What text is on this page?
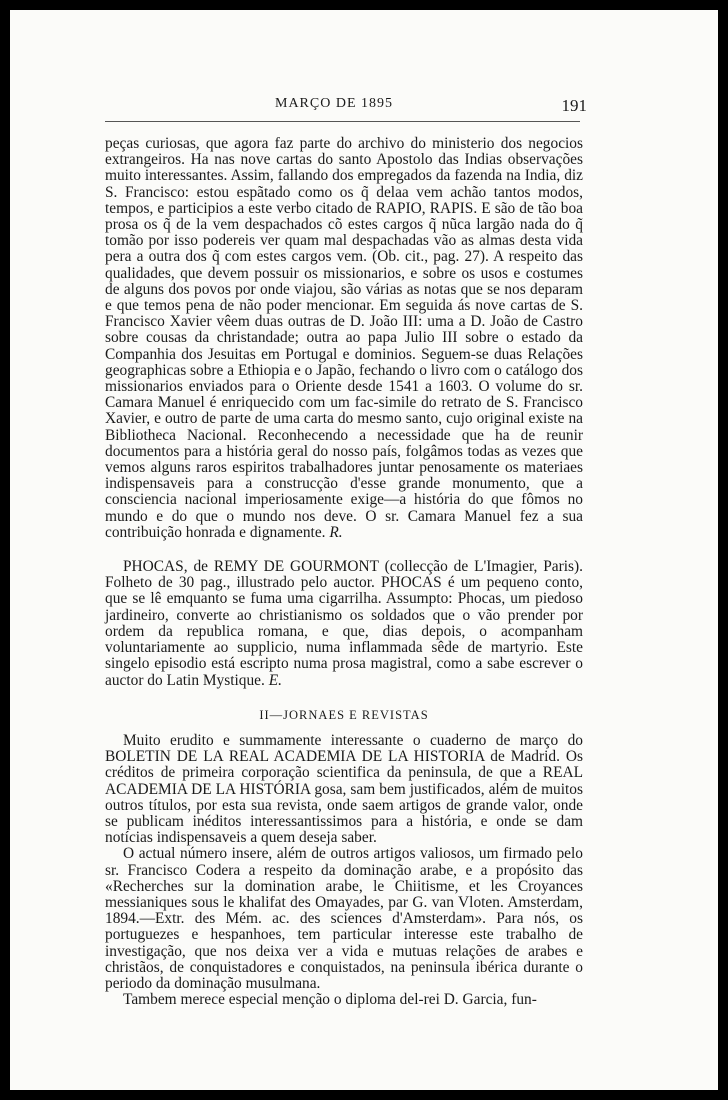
MARÇO DE 1895	191

peças curiosas, que agora faz parte do archivo do ministerio dos negocios extrangeiros. Ha nas nove cartas do santo Apostolo das Indias observações muito interessantes. Assim, fallando dos empregados da fazenda na India, diz S. Francisco: estou espãtado como os q̃ delaa vem achão tantos modos, tempos, e participios a este verbo citado de RAPIO, RAPIS. E são de tão boa prosa os q̃ de la vem despachados cõ estes cargos q̃ nũca largão nada do q̃ tomão por isso podereis ver quam mal despachadas vão as almas desta vida pera a outra dos q̃ com estes cargos vem. (Ob. cit., pag. 27). A respeito das qualidades, que devem possuir os missionarios, e sobre os usos e costumes de alguns dos povos por onde viajou, são várias as notas que se nos deparam e que temos pena de não poder mencionar. Em seguida ás nove cartas de S. Francisco Xavier vêem duas outras de D. João III: uma a D. João de Castro sobre cousas da christandade; outra ao papa Julio III sobre o estado da Companhia dos Jesuitas em Portugal e dominios. Seguem-se duas Relações geographicas sobre a Ethiopia e o Japão, fechando o livro com o catálogo dos missionarios enviados para o Oriente desde 1541 a 1603. O volume do sr. Camara Manuel é enriquecido com um fac-simile do retrato de S. Francisco Xavier, e outro de parte de uma carta do mesmo santo, cujo original existe na Bibliotheca Nacional. Reconhecendo a necessidade que ha de reunir documentos para a história geral do nosso país, folgâmos todas as vezes que vemos alguns raros espiritos trabalhadores juntar penosamente os materiaes indispensaveis para a construcção d'esse grande monumento, que a consciencia nacional imperiosamente exige—a história do que fômos no mundo e do que o mundo nos deve. O sr. Camara Manuel fez a sua contribuição honrada e dignamente. R.

PHOCAS, de REMY DE GOURMONT (collecção de L'Imagier, Paris). Folheto de 30 pag., illustrado pelo auctor. PHOCAS é um pequeno conto, que se lê emquanto se fuma uma cigarrilha. Assumpto: Phocas, um piedoso jardineiro, converte ao christianismo os soldados que o vão prender por ordem da republica romana, e que, dias depois, o acompanham voluntariamente ao supplicio, numa inflammada sêde de martyrio. Este singelo episodio está escripto numa prosa magistral, como a sabe escrever o auctor do Latin Mystique. E.

II—JORNAES E REVISTAS

Muito erudito e summamente interessante o cuaderno de março do BOLETIN DE LA REAL ACADEMIA DE LA HISTORIA de Madrid. Os créditos de primeira corporação scientifica da peninsula, de que a REAL ACADEMIA DE LA HISTÓRIA gosa, sam bem justificados, além de muitos outros títulos, por esta sua revista, onde saem artigos de grande valor, onde se publicam inéditos interessantissimos para a história, e onde se dam notícias indispensaveis a quem deseja saber.

O actual número insere, além de outros artigos valiosos, um firmado pelo sr. Francisco Codera a respeito da dominação arabe, e a propósito das «Recherches sur la domination arabe, le Chiitisme, et les Croyances messianiques sous le khalifat des Omayades, par G. van Vloten. Amsterdam, 1894.—Extr. des Mém. ac. des sciences d'Amsterdam». Para nós, os portuguezes e hespanhoes, tem particular interesse este trabalho de investigação, que nos deixa ver a vida e mutuas relações de arabes e christãos, de conquistadores e conquistados, na peninsula ibérica durante o periodo da dominação musulmana.

Tambem merece especial menção o diploma del-rei D. Garcia, fun-
